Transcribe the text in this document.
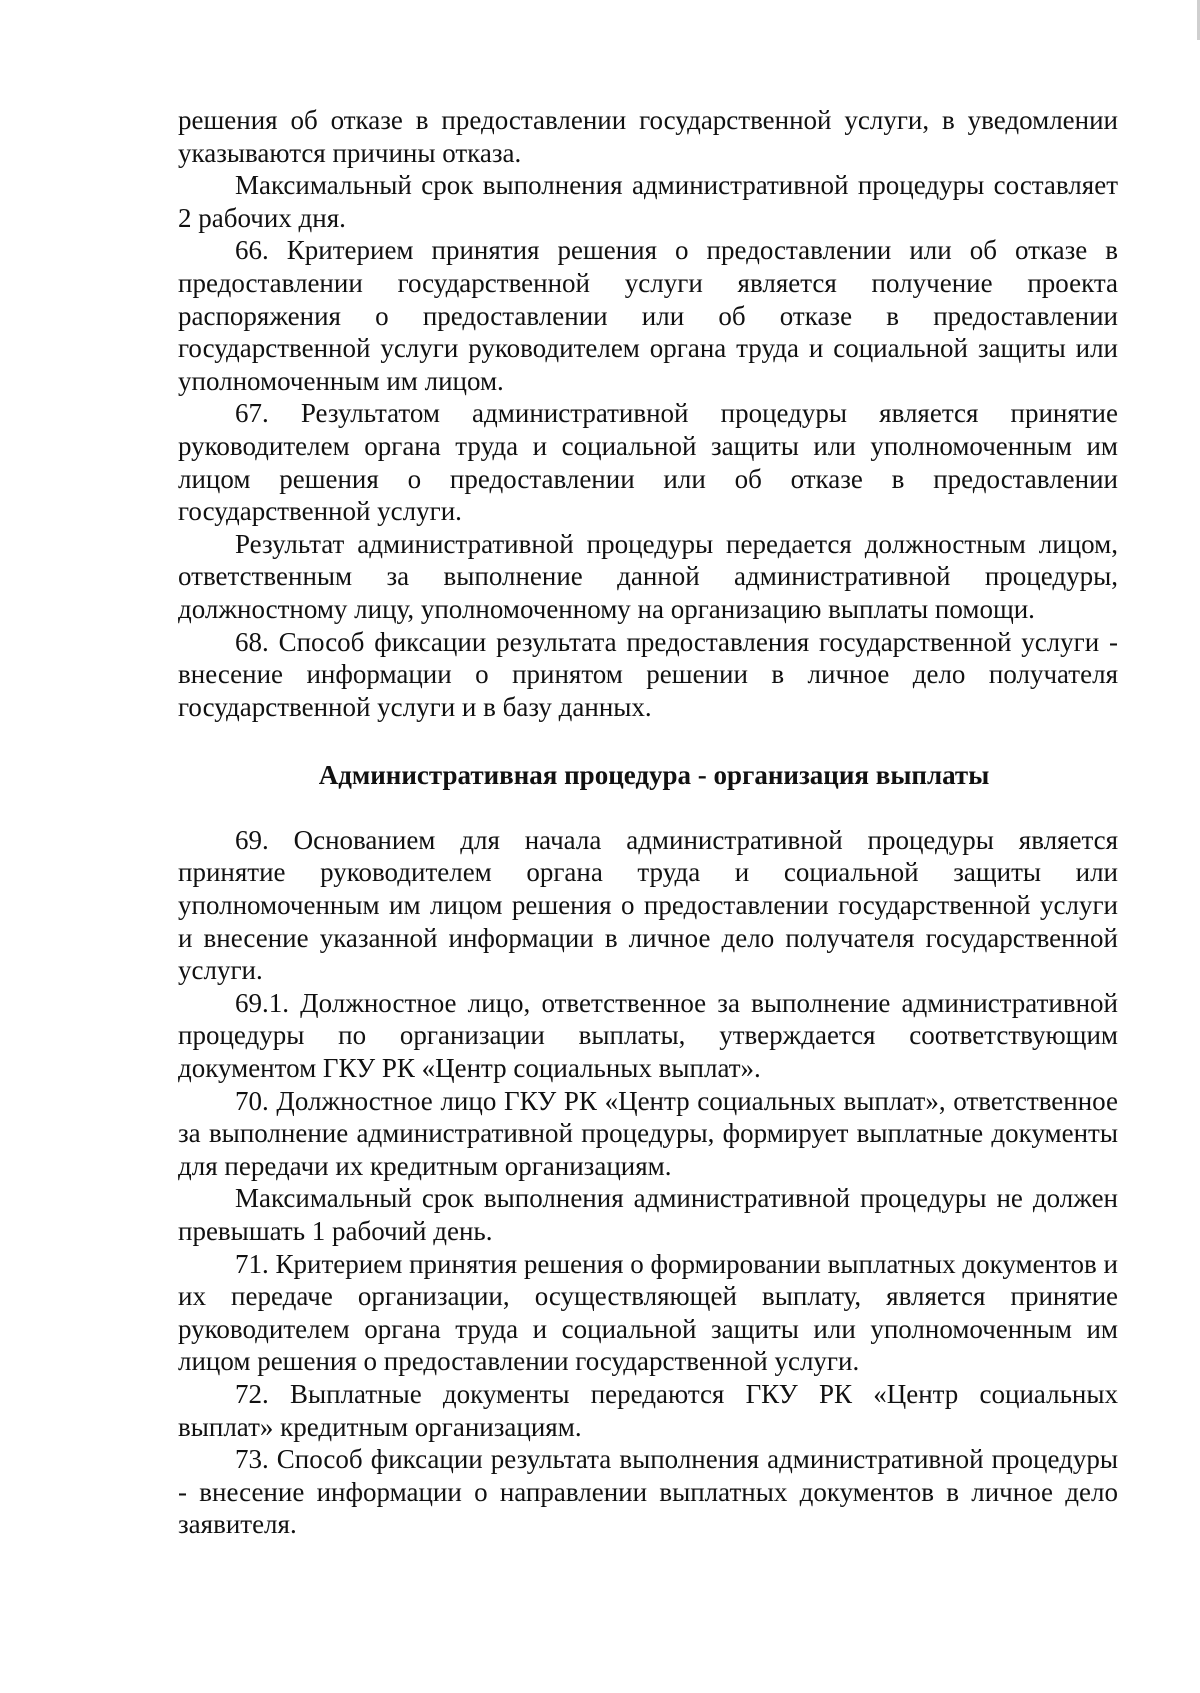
решения об отказе в предоставлении государственной услуги, в уведомлении указываются причины отказа.

Максимальный срок выполнения административной процедуры составляет 2 рабочих дня.

66. Критерием принятия решения о предоставлении или об отказе в предоставлении государственной услуги является получение проекта распоряжения о предоставлении или об отказе в предоставлении государственной услуги руководителем органа труда и социальной защиты или уполномоченным им лицом.

67. Результатом административной процедуры является принятие руководителем органа труда и социальной защиты или уполномоченным им лицом решения о предоставлении или об отказе в предоставлении государственной услуги.

Результат административной процедуры передается должностным лицом, ответственным за выполнение данной административной процедуры, должностному лицу, уполномоченному на организацию выплаты помощи.

68. Способ фиксации результата предоставления государственной услуги - внесение информации о принятом решении в личное дело получателя государственной услуги и в базу данных.

Административная процедура - организация выплаты

69. Основанием для начала административной процедуры является принятие руководителем органа труда и социальной защиты или уполномоченным им лицом решения о предоставлении государственной услуги и внесение указанной информации в личное дело получателя государственной услуги.

69.1. Должностное лицо, ответственное за выполнение административной процедуры по организации выплаты, утверждается соответствующим документом ГКУ РК «Центр социальных выплат».

70. Должностное лицо ГКУ РК «Центр социальных выплат», ответственное за выполнение административной процедуры, формирует выплатные документы для передачи их кредитным организациям.

Максимальный срок выполнения административной процедуры не должен превышать 1 рабочий день.

71. Критерием принятия решения о формировании выплатных документов и их передаче организации, осуществляющей выплату, является принятие руководителем органа труда и социальной защиты или уполномоченным им лицом решения о предоставлении государственной услуги.

72. Выплатные документы передаются ГКУ РК «Центр социальных выплат» кредитным организациям.

73. Способ фиксации результата выполнения административной процедуры - внесение информации о направлении выплатных документов в личное дело заявителя.
